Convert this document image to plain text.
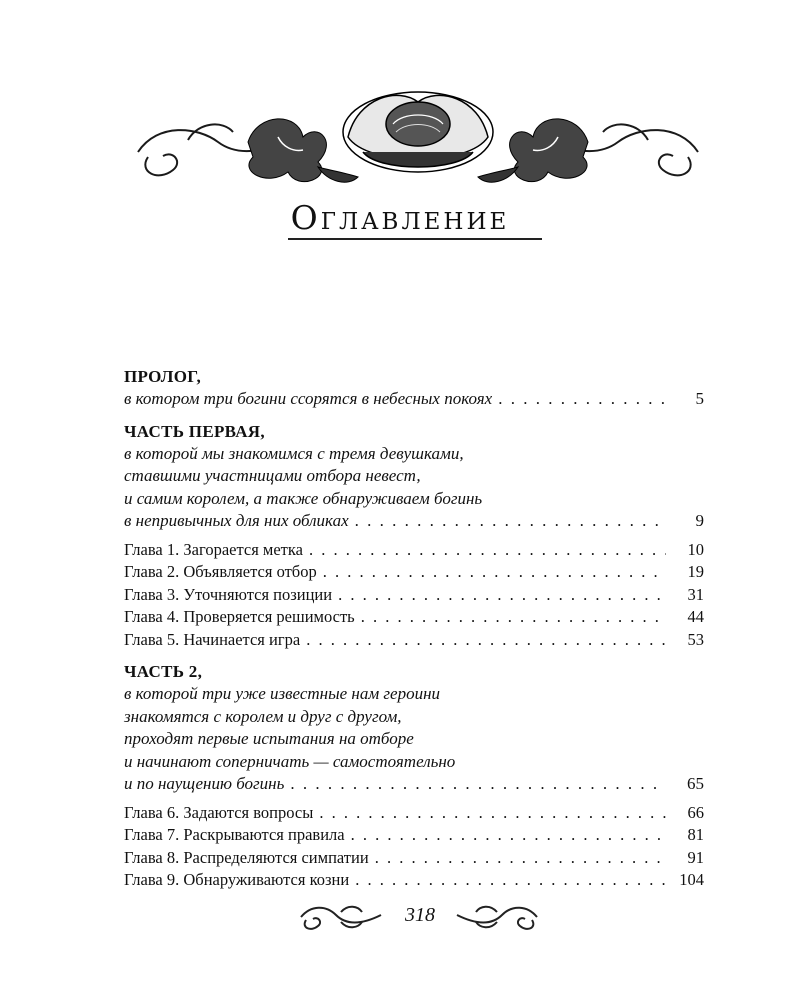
Оглавление
ПРОЛОГ,
в котором три богини ссорятся в небесных покоях . . .	5
ЧАСТЬ ПЕРВАЯ,
в которой мы знакомимся с тремя девушками,
ставшими участницами отбора невест,
и самим королем, а также обнаруживаем богинь
в непривычных для них обликах . . .	9
Глава 1. Загорается метка . . .	10
Глава 2. Объявляется отбор . . .	19
Глава 3. Уточняются позиции . . .	31
Глава 4. Проверяется решимость . . .	44
Глава 5. Начинается игра . . .	53
ЧАСТЬ 2,
в которой три уже известные нам героини
знакомятся с королем и друг с другом,
проходят первые испытания на отборе
и начинают соперничать — самостоятельно
и по наущению богинь . . .	65
Глава 6. Задаются вопросы . . .	66
Глава 7. Раскрываются правила . . .	81
Глава 8. Распределяются симпатии . . .	91
Глава 9. Обнаруживаются козни . . .	104
318
